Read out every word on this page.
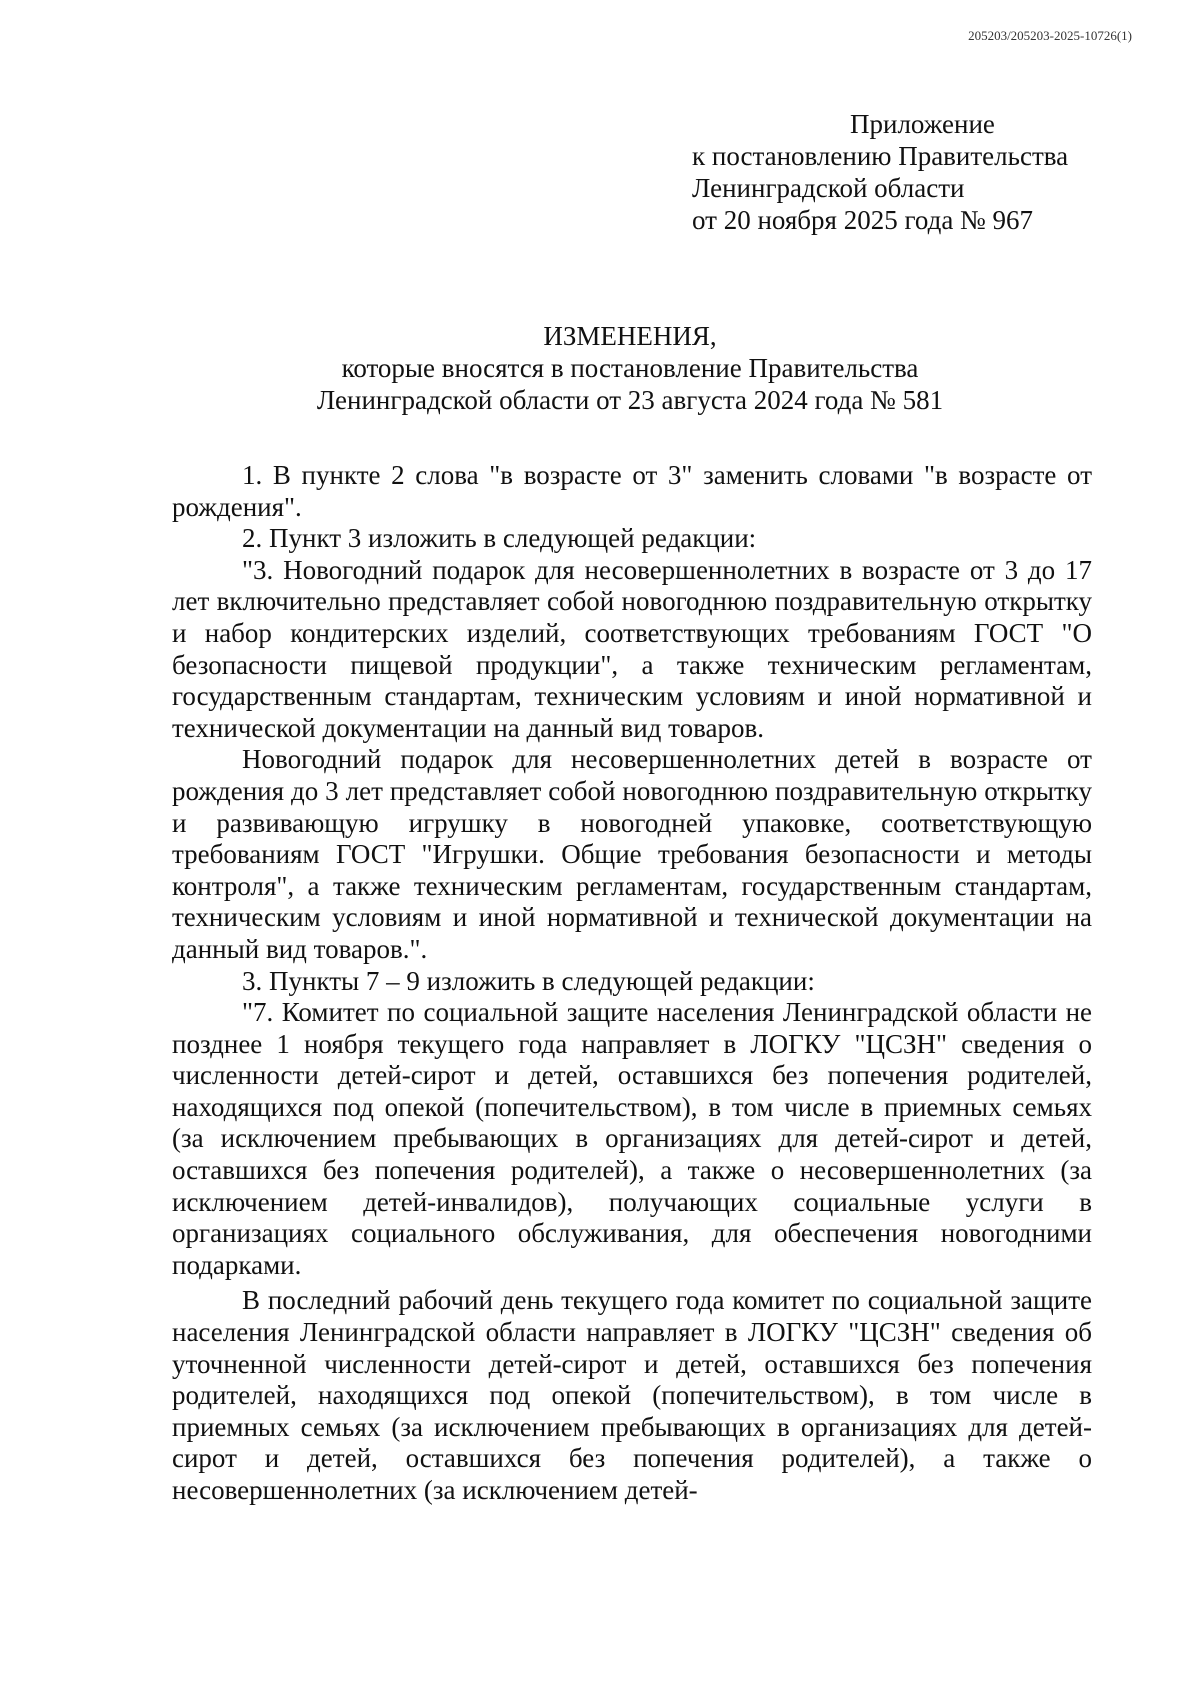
205203/205203-2025-10726(1)
Приложение
к постановлению Правительства
Ленинградской области
от 20 ноября 2025 года № 967
ИЗМЕНЕНИЯ,
которые вносятся в постановление Правительства
Ленинградской области от 23 августа 2024 года № 581

1. В пункте 2 слова "в возрасте от 3" заменить словами "в возрасте от рождения".

2. Пункт 3 изложить в следующей редакции:

"3. Новогодний подарок для несовершеннолетних в возрасте от 3 до 17 лет включительно представляет собой новогоднюю поздравительную открытку и набор кондитерских изделий, соответствующих требованиям ГОСТ "О безопасности пищевой продукции", а также техническим регламентам, государственным стандартам, техническим условиям и иной нормативной и технической документации на данный вид товаров.

Новогодний подарок для несовершеннолетних детей в возрасте от рождения до 3 лет представляет собой новогоднюю поздравительную открытку и развивающую игрушку в новогодней упаковке, соответствующую требованиям ГОСТ "Игрушки. Общие требования безопасности и методы контроля", а также техническим регламентам, государственным стандартам, техническим условиям и иной нормативной и технической документации на данный вид товаров.".

3. Пункты 7 – 9 изложить в следующей редакции:

"7. Комитет по социальной защите населения Ленинградской области не позднее 1 ноября текущего года направляет в ЛОГКУ "ЦСЗН" сведения о численности детей-сирот и детей, оставшихся без попечения родителей, находящихся под опекой (попечительством), в том числе в приемных семьях (за исключением пребывающих в организациях для детей-сирот и детей, оставшихся без попечения родителей), а также о несовершеннолетних (за исключением детей-инвалидов), получающих социальные услуги в организациях социального обслуживания, для обеспечения новогодними подарками.

В последний рабочий день текущего года комитет по социальной защите населения Ленинградской области направляет в ЛОГКУ "ЦСЗН" сведения об уточненной численности детей-сирот и детей, оставшихся без попечения родителей, находящихся под опекой (попечительством), в том числе в приемных семьях (за исключением пребывающих в организациях для детей-сирот и детей, оставшихся без попечения родителей), а также о несовершеннолетних (за исключением детей-
